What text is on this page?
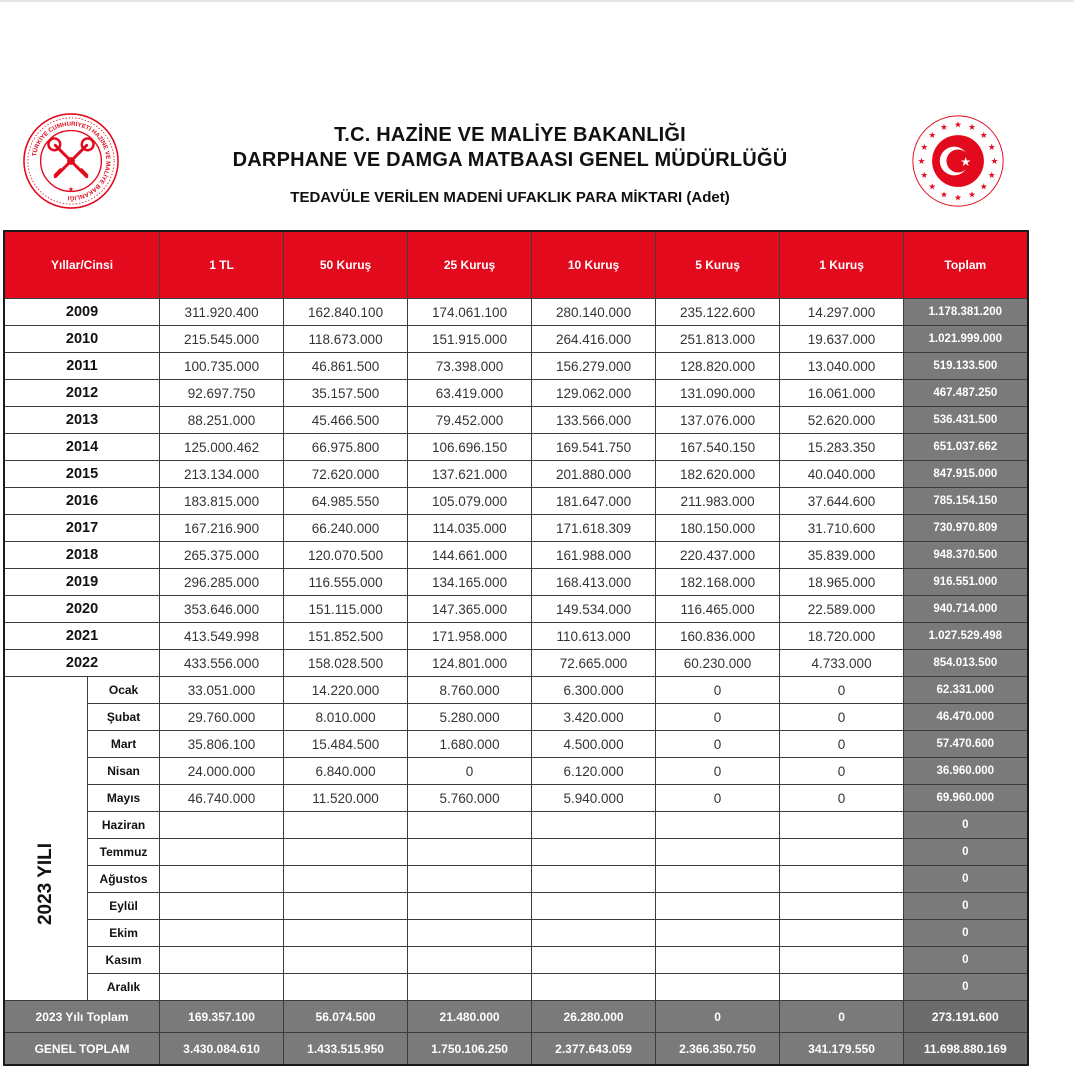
TÜRKİYE CUMHURİYETİ HAZİNE VE MALİYE BAKANLIĞI
★
★ ★
★
★
★
★
★
★
★
★
★
★
★
★
★
★
★
T.C. HAZİNE VE MALİYE BAKANLIĞI
DARPHANE VE DAMGA MATBAASI GENEL MÜDÜRLÜĞÜ
TEDAVÜLE VERİLEN MADENİ UFAKLIK PARA MİKTARI (Adet)
Yıllar/Cinsi		1 TL	50 Kuruş	25 Kuruş	10 Kuruş	5 Kuruş	1 Kuruş	Toplam
2009		311.920.400	162.840.100	174.061.100	280.140.000	235.122.600	14.297.000	1.178.381.200
2010		215.545.000	118.673.000	151.915.000	264.416.000	251.813.000	19.637.000	1.021.999.000
2011		100.735.000	46.861.500	73.398.000	156.279.000	128.820.000	13.040.000	519.133.500
2012		92.697.750	35.157.500	63.419.000	129.062.000	131.090.000	16.061.000	467.487.250
2013		88.251.000	45.466.500	79.452.000	133.566.000	137.076.000	52.620.000	536.431.500
2014		125.000.462	66.975.800	106.696.150	169.541.750	167.540.150	15.283.350	651.037.662
2015		213.134.000	72.620.000	137.621.000	201.880.000	182.620.000	40.040.000	847.915.000
2016		183.815.000	64.985.550	105.079.000	181.647.000	211.983.000	37.644.600	785.154.150
2017		167.216.900	66.240.000	114.035.000	171.618.309	180.150.000	31.710.600	730.970.809
2018		265.375.000	120.070.500	144.661.000	161.988.000	220.437.000	35.839.000	948.370.500
2019		296.285.000	116.555.000	134.165.000	168.413.000	182.168.000	18.965.000	916.551.000
2020		353.646.000	151.115.000	147.365.000	149.534.000	116.465.000	22.589.000	940.714.000
2021		413.549.998	151.852.500	171.958.000	110.613.000	160.836.000	18.720.000	1.027.529.498
2022		433.556.000	158.028.500	124.801.000	72.665.000	60.230.000	4.733.000	854.013.500
2023 YILI	Ocak	33.051.000	14.220.000	8.760.000	6.300.000	0	0	62.331.000
	Şubat	29.760.000	8.010.000	5.280.000	3.420.000	0	0	46.470.000
	Mart	35.806.100	15.484.500	1.680.000	4.500.000	0	0	57.470.600
	Nisan	24.000.000	6.840.000	0	6.120.000	0	0	36.960.000
	Mayıs	46.740.000	11.520.000	5.760.000	5.940.000	0	0	69.960.000
	Haziran							0
	Temmuz							0
	Ağustos							0
	Eylül							0
	Ekim							0
	Kasım							0
	Aralık							0
2023 Yılı Toplam		169.357.100	56.074.500	21.480.000	26.280.000	0	0	273.191.600
GENEL TOPLAM		3.430.084.610	1.433.515.950	1.750.106.250	2.377.643.059	2.366.350.750	341.179.550	11.698.880.169
